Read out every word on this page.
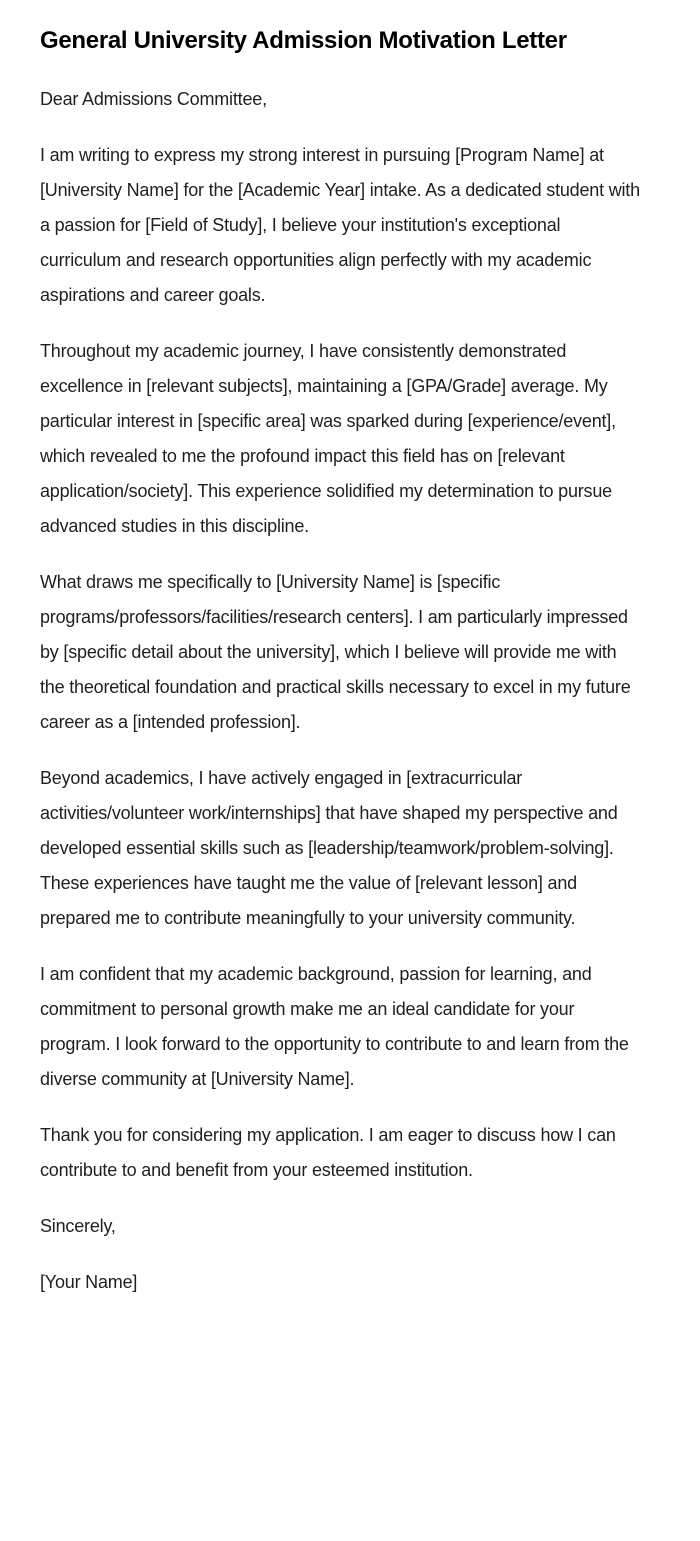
General University Admission Motivation Letter

Dear Admissions Committee,

I am writing to express my strong interest in pursuing [Program Name] at [University Name] for the [Academic Year] intake. As a dedicated student with a passion for [Field of Study], I believe your institution's exceptional curriculum and research opportunities align perfectly with my academic aspirations and career goals.

Throughout my academic journey, I have consistently demonstrated excellence in [relevant subjects], maintaining a [GPA/Grade] average. My particular interest in [specific area] was sparked during [experience/event], which revealed to me the profound impact this field has on [relevant application/society]. This experience solidified my determination to pursue advanced studies in this discipline.

What draws me specifically to [University Name] is [specific programs/professors/facilities/research centers]. I am particularly impressed by [specific detail about the university], which I believe will provide me with the theoretical foundation and practical skills necessary to excel in my future career as a [intended profession].

Beyond academics, I have actively engaged in [extracurricular activities/volunteer work/internships] that have shaped my perspective and developed essential skills such as [leadership/teamwork/problem-solving]. These experiences have taught me the value of [relevant lesson] and prepared me to contribute meaningfully to your university community.

I am confident that my academic background, passion for learning, and commitment to personal growth make me an ideal candidate for your program. I look forward to the opportunity to contribute to and learn from the diverse community at [University Name].

Thank you for considering my application. I am eager to discuss how I can contribute to and benefit from your esteemed institution.

Sincerely,

[Your Name]
